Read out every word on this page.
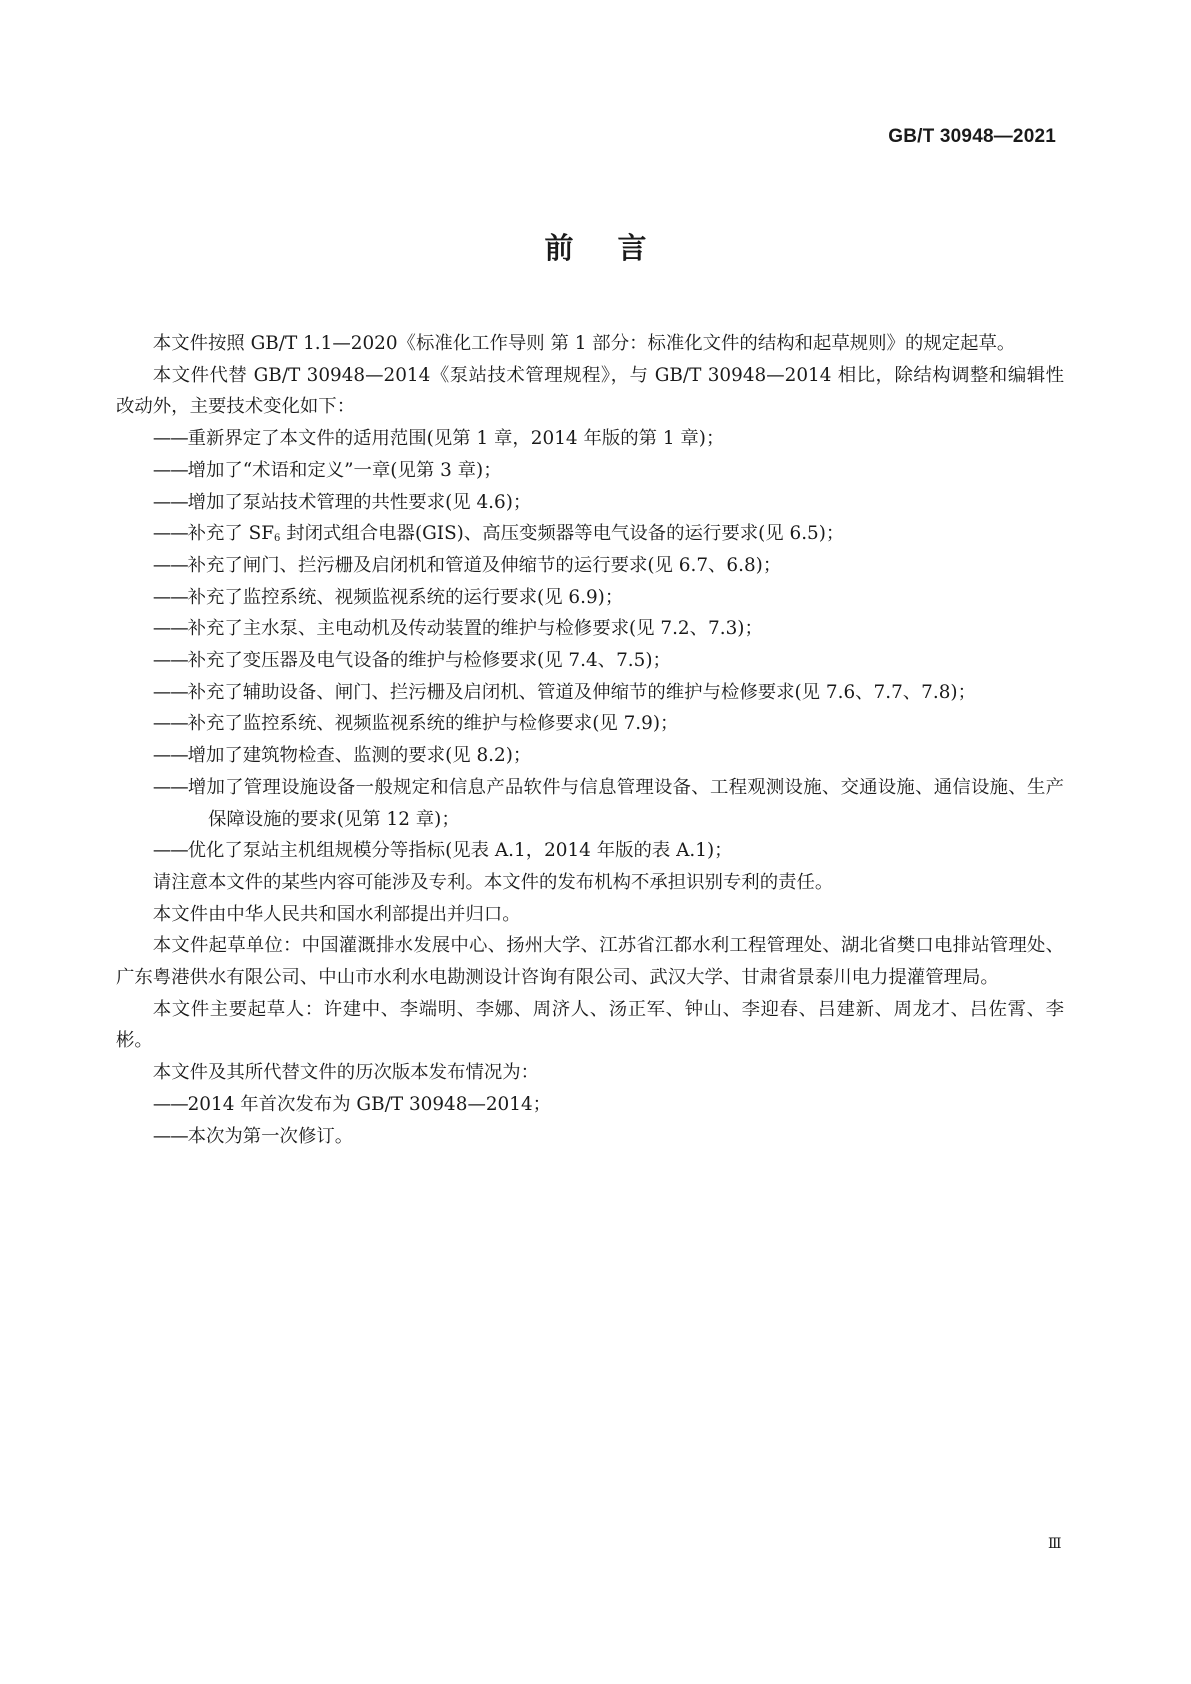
GB/T 30948—2021
前言

本文件按照 GB/T 1.1—2020《标准化工作导则 第 1 部分：标准化文件的结构和起草规则》的规定起草。

本文件代替 GB/T 30948—2014《泵站技术管理规程》，与 GB/T 30948—2014 相比，除结构调整和编辑性改动外，主要技术变化如下：

——重新界定了本文件的适用范围(见第 1 章，2014 年版的第 1 章)；

——增加了“术语和定义”一章(见第 3 章)；

——增加了泵站技术管理的共性要求(见 4.6)；

——补充了 $SF_6$ 封闭式组合电器(GIS)、高压变频器等电气设备的运行要求(见 6.5)；

——补充了闸门、拦污栅及启闭机和管道及伸缩节的运行要求(见 6.7、6.8)；

——补充了监控系统、视频监视系统的运行要求(见 6.9)；

——补充了主水泵、主电动机及传动装置的维护与检修要求(见 7.2、7.3)；

——补充了变压器及电气设备的维护与检修要求(见 7.4、7.5)；

——补充了辅助设备、闸门、拦污栅及启闭机、管道及伸缩节的维护与检修要求(见 7.6、7.7、7.8)；

——补充了监控系统、视频监视系统的维护与检修要求(见 7.9)；

——增加了建筑物检查、监测的要求(见 8.2)；

——增加了管理设施设备一般规定和信息产品软件与信息管理设备、工程观测设施、交通设施、通信设施、生产保障设施的要求(见第 12 章)；

——优化了泵站主机组规模分等指标(见表 A.1，2014 年版的表 A.1)；

请注意本文件的某些内容可能涉及专利。本文件的发布机构不承担识别专利的责任。

本文件由中华人民共和国水利部提出并归口。

本文件起草单位：中国灌溉排水发展中心、扬州大学、江苏省江都水利工程管理处、湖北省樊口电排站管理处、广东粤港供水有限公司、中山市水利水电勘测设计咨询有限公司、武汉大学、甘肃省景泰川电力提灌管理局。

本文件主要起草人：许建中、李端明、李娜、周济人、汤正军、钟山、李迎春、吕建新、周龙才、吕佐霄、李彬。

本文件及其所代替文件的历次版本发布情况为：

——2014 年首次发布为 GB/T 30948—2014；

——本次为第一次修订。

Ⅲ
